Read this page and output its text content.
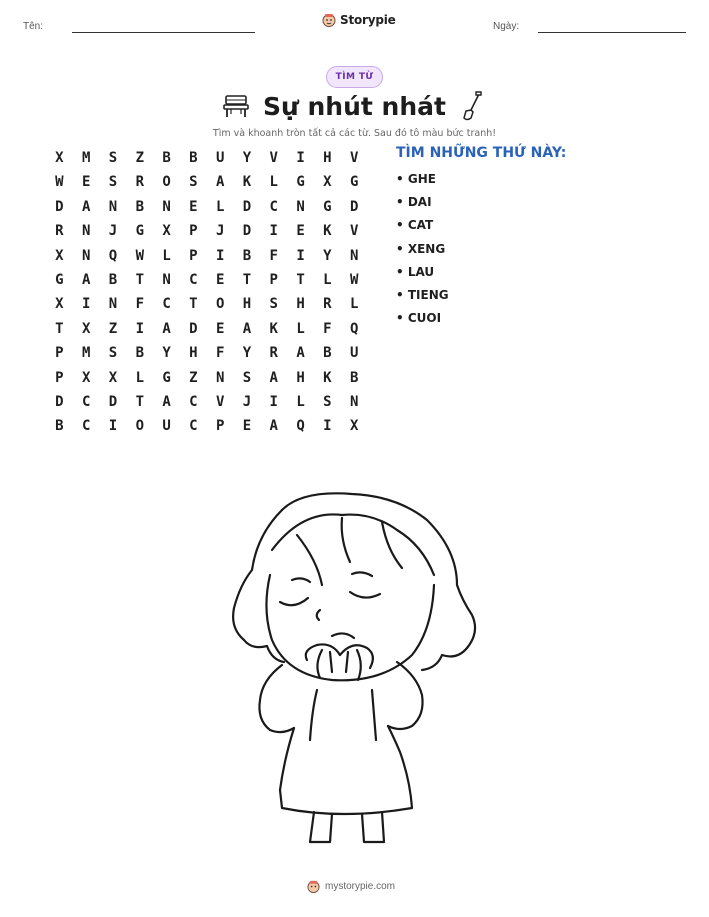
Tên:	Storypie	Ngày:
TÌM TỪ
Sự nhút nhát
Tìm và khoanh tròn tất cả các từ. Sau đó tô màu bức tranh!
X	M	S	Z	B	B	U	Y	V	I	H	V
W	E	S	R	O	S	A	K	L	G	X	G
D	A	N	B	N	E	L	D	C	N	G	D
R	N	J	G	X	P	J	D	I	E	K	V
X	N	Q	W	L	P	I	B	F	I	Y	N
G	A	B	T	N	C	E	T	P	T	L	W
X	I	N	F	C	T	O	H	S	H	R	L
T	X	Z	I	A	D	E	A	K	L	F	Q
P	M	S	B	Y	H	F	Y	R	A	B	U
P	X	X	L	G	Z	N	S	A	H	K	B
D	C	D	T	A	C	V	J	I	L	S	N
B	C	I	O	U	C	P	E	A	Q	I	X
TÌM NHỮNG THỨ NÀY:
• GHE
• DAI
• CAT
• XENG
• LAU
• TIENG
• CUOI
mystorypie.com
